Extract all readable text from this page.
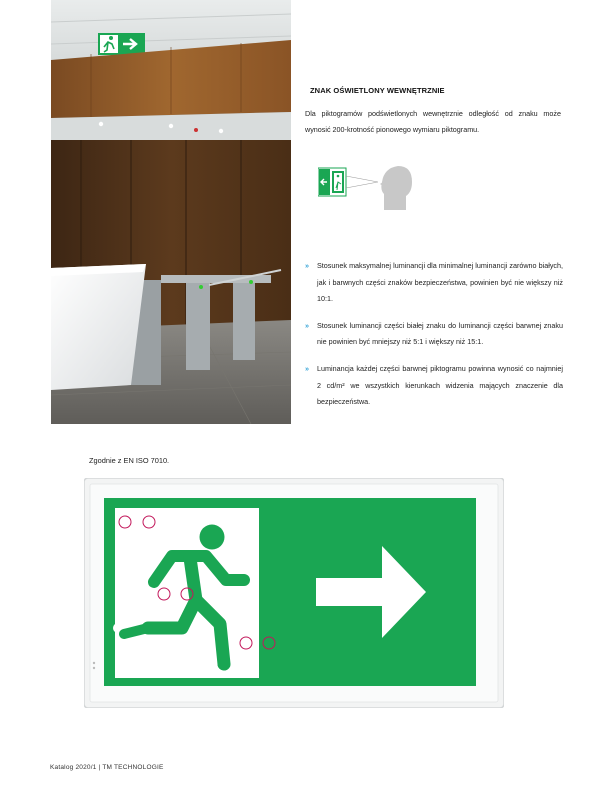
ZNAK OŚWIETLONY WEWNĘTRZNIE
Dla piktogramów podświetlonych wewnętrznie odległość od znaku może wynosić 200-krotność pionowego wymiaru piktogramu.
» Stosunek maksymalnej luminancji dla minimalnej luminancji zarówno białych, jak i barwnych części znaków bezpieczeństwa, powinien być nie większy niż 10:1.
» Stosunek luminancji części białej znaku do luminancji części barwnej znaku nie powinien być mniejszy niż 5:1 i większy niż 15:1.
» Luminancja każdej części barwnej piktogramu powinna wynosić co najmniej 2 cd/m² we wszystkich kierunkach widzenia mających znaczenie dla bezpieczeństwa.
Zgodnie z EN ISO 7010.
Katalog 2020/1 | TM TECHNOLOGIE
